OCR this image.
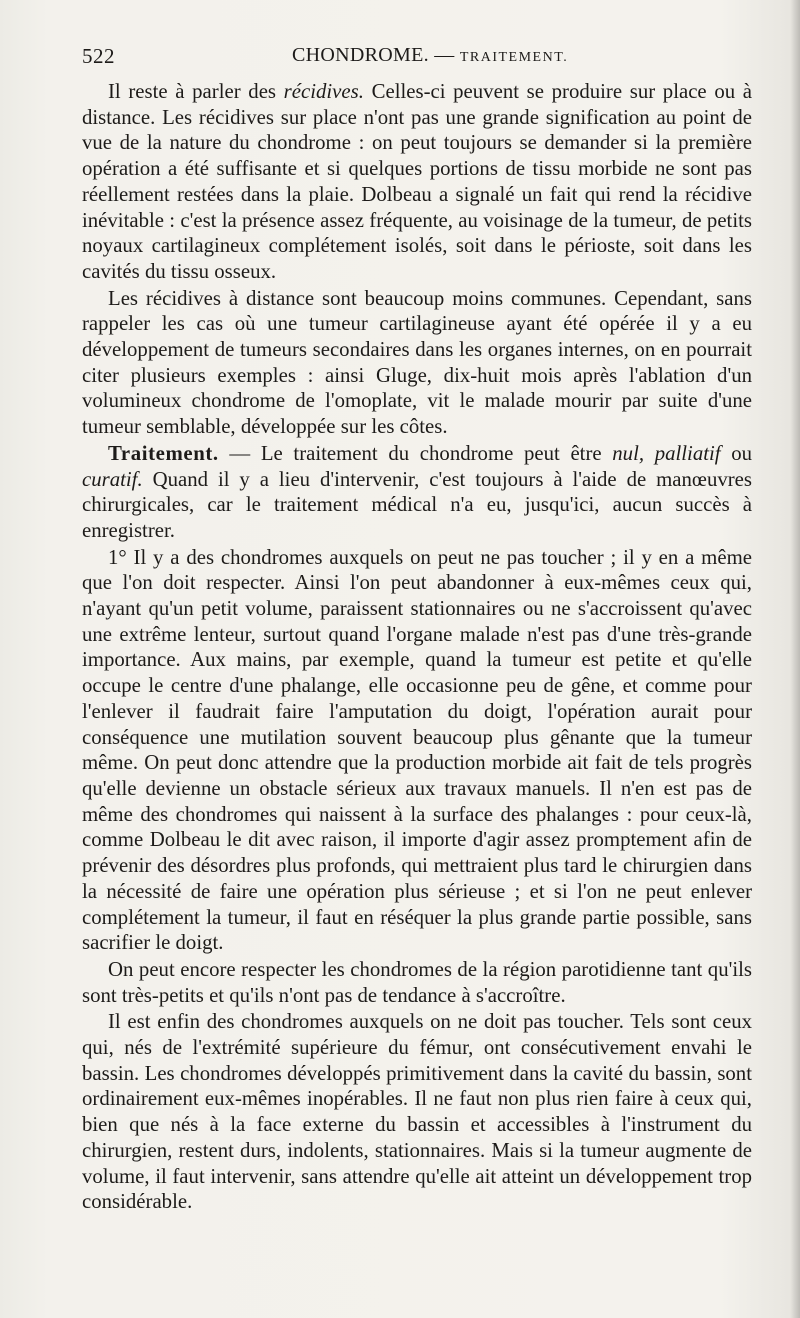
522	CHONDROME. — TRAITEMENT.

Il reste à parler des récidives. Celles-ci peuvent se produire sur place ou à distance. Les récidives sur place n'ont pas une grande signification au point de vue de la nature du chondrome : on peut toujours se demander si la première opération a été suffisante et si quelques portions de tissu morbide ne sont pas réellement restées dans la plaie. Dolbeau a signalé un fait qui rend la récidive inévitable : c'est la présence assez fréquente, au voisinage de la tumeur, de petits noyaux cartilagineux complétement isolés, soit dans le périoste, soit dans les cavités du tissu osseux.

Les récidives à distance sont beaucoup moins communes. Cependant, sans rappeler les cas où une tumeur cartilagineuse ayant été opérée il y a eu développement de tumeurs secondaires dans les organes internes, on en pourrait citer plusieurs exemples : ainsi Gluge, dix-huit mois après l'ablation d'un volumineux chondrome de l'omoplate, vit le malade mourir par suite d'une tumeur semblable, développée sur les côtes.

Traitement. — Le traitement du chondrome peut être nul, palliatif ou curatif. Quand il y a lieu d'intervenir, c'est toujours à l'aide de manœuvres chirurgicales, car le traitement médical n'a eu, jusqu'ici, aucun succès à enregistrer.

1° Il y a des chondromes auxquels on peut ne pas toucher ; il y en a même que l'on doit respecter. Ainsi l'on peut abandonner à eux-mêmes ceux qui, n'ayant qu'un petit volume, paraissent stationnaires ou ne s'accroissent qu'avec une extrême lenteur, surtout quand l'organe malade n'est pas d'une très-grande importance. Aux mains, par exemple, quand la tumeur est petite et qu'elle occupe le centre d'une phalange, elle occasionne peu de gêne, et comme pour l'enlever il faudrait faire l'amputation du doigt, l'opération aurait pour conséquence une mutilation souvent beaucoup plus gênante que la tumeur même. On peut donc attendre que la production morbide ait fait de tels progrès qu'elle devienne un obstacle sérieux aux travaux manuels. Il n'en est pas de même des chondromes qui naissent à la surface des phalanges : pour ceux-là, comme Dolbeau le dit avec raison, il importe d'agir assez promptement afin de prévenir des désordres plus profonds, qui mettraient plus tard le chirurgien dans la nécessité de faire une opération plus sérieuse ; et si l'on ne peut enlever complétement la tumeur, il faut en réséquer la plus grande partie possible, sans sacrifier le doigt.

On peut encore respecter les chondromes de la région parotidienne tant qu'ils sont très-petits et qu'ils n'ont pas de tendance à s'accroître.

Il est enfin des chondromes auxquels on ne doit pas toucher. Tels sont ceux qui, nés de l'extrémité supérieure du fémur, ont consécutivement envahi le bassin. Les chondromes développés primitivement dans la cavité du bassin, sont ordinairement eux-mêmes inopérables. Il ne faut non plus rien faire à ceux qui, bien que nés à la face externe du bassin et accessibles à l'instrument du chirurgien, restent durs, indolents, stationnaires. Mais si la tumeur augmente de volume, il faut intervenir, sans attendre qu'elle ait atteint un développement trop considérable.
